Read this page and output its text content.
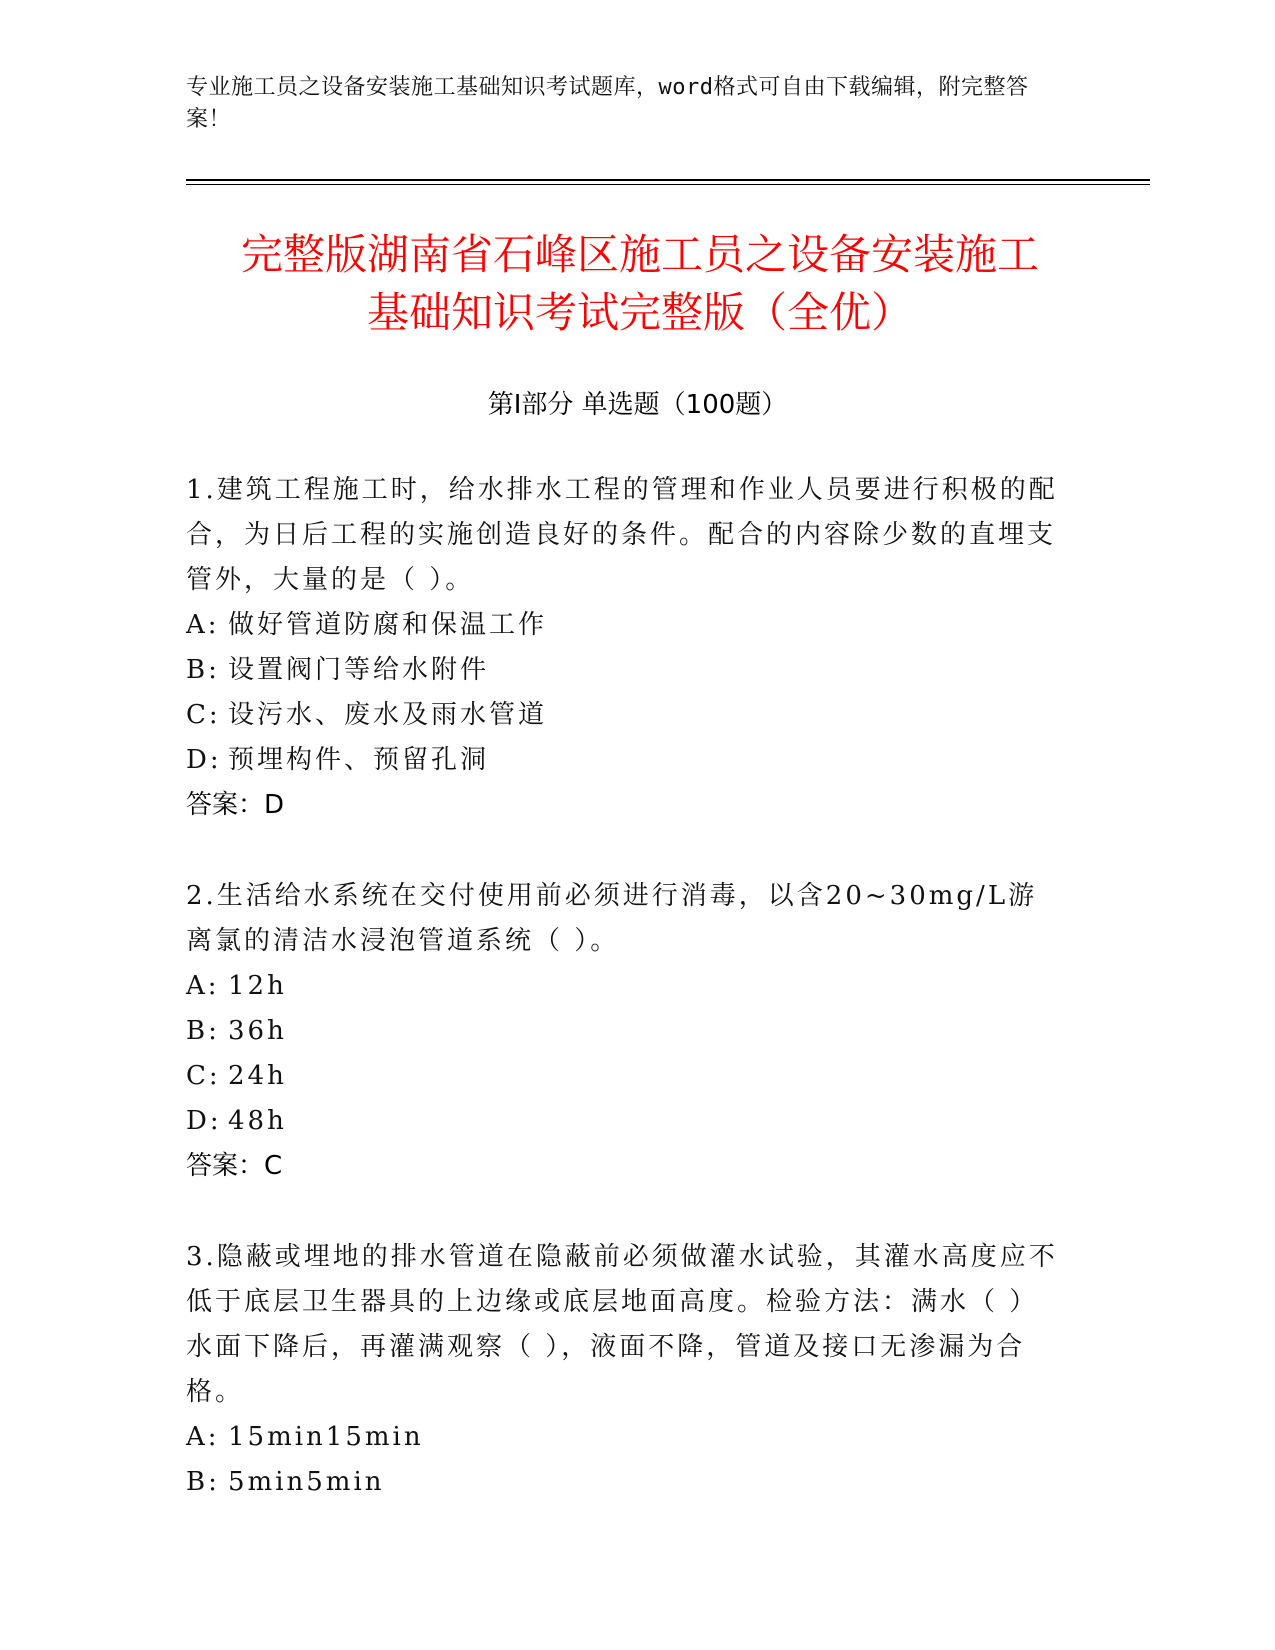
专业施工员之设备安装施工基础知识考试题库，word格式可自由下载编辑，附完整答案！
完整版湖南省石峰区施工员之设备安装施工
基础知识考试完整版（全优）
第Ⅰ部分 单选题（100题）

1.建筑工程施工时，给水排水工程的管理和作业人员要进行积极的配合，为日后工程的实施创造良好的条件。配合的内容除少数的直埋支管外，大量的是（ ）。

A: 做好管道防腐和保温工作
B: 设置阀门等给水附件
C: 设污水、废水及雨水管道
D: 预埋构件、预留孔洞
答案：D

2.生活给水系统在交付使用前必须进行消毒，以含20~30mg/L游离氯的清洁水浸泡管道系统（ ）。

A: 12h
B: 36h
C: 24h
D: 48h
答案：C

3.隐蔽或埋地的排水管道在隐蔽前必须做灌水试验，其灌水高度应不低于底层卫生器具的上边缘或底层地面高度。检验方法：满水（ ）水面下降后，再灌满观察（ ），液面不降，管道及接口无渗漏为合格。

A: 15min15min
B: 5min5min
